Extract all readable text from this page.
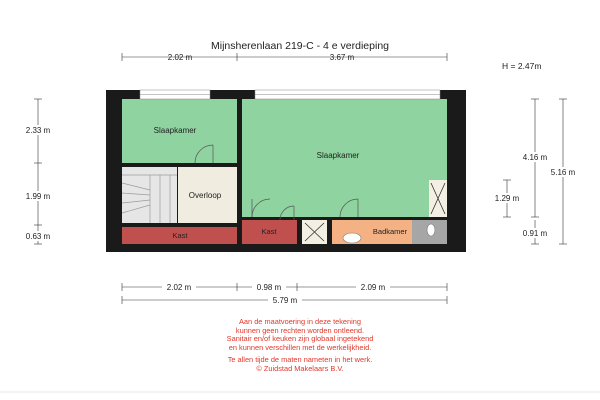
Mijnsherenlaan 219-C - 4 e verdieping
H = 2.47m
Slaapkamer
Slaapkamer
Overloop
Kast	Kast	Badkamer
2.02 m	3.67 m
2.33 m
1.99 m
0.63 m
4.16 m
1.29 m
0.91 m
5.16 m
2.02 m	0.98 m	2.09 m
5.79 m
Aan de maatvoering in deze tekening
kunnen geen rechten worden ontleend.
Sanitair en/of keuken zijn globaal ingetekend
en kunnen verschillen met de werkelijkheid.
Te allen tijde de maten nameten in het werk.
© Zuidstad Makelaars B.V.
